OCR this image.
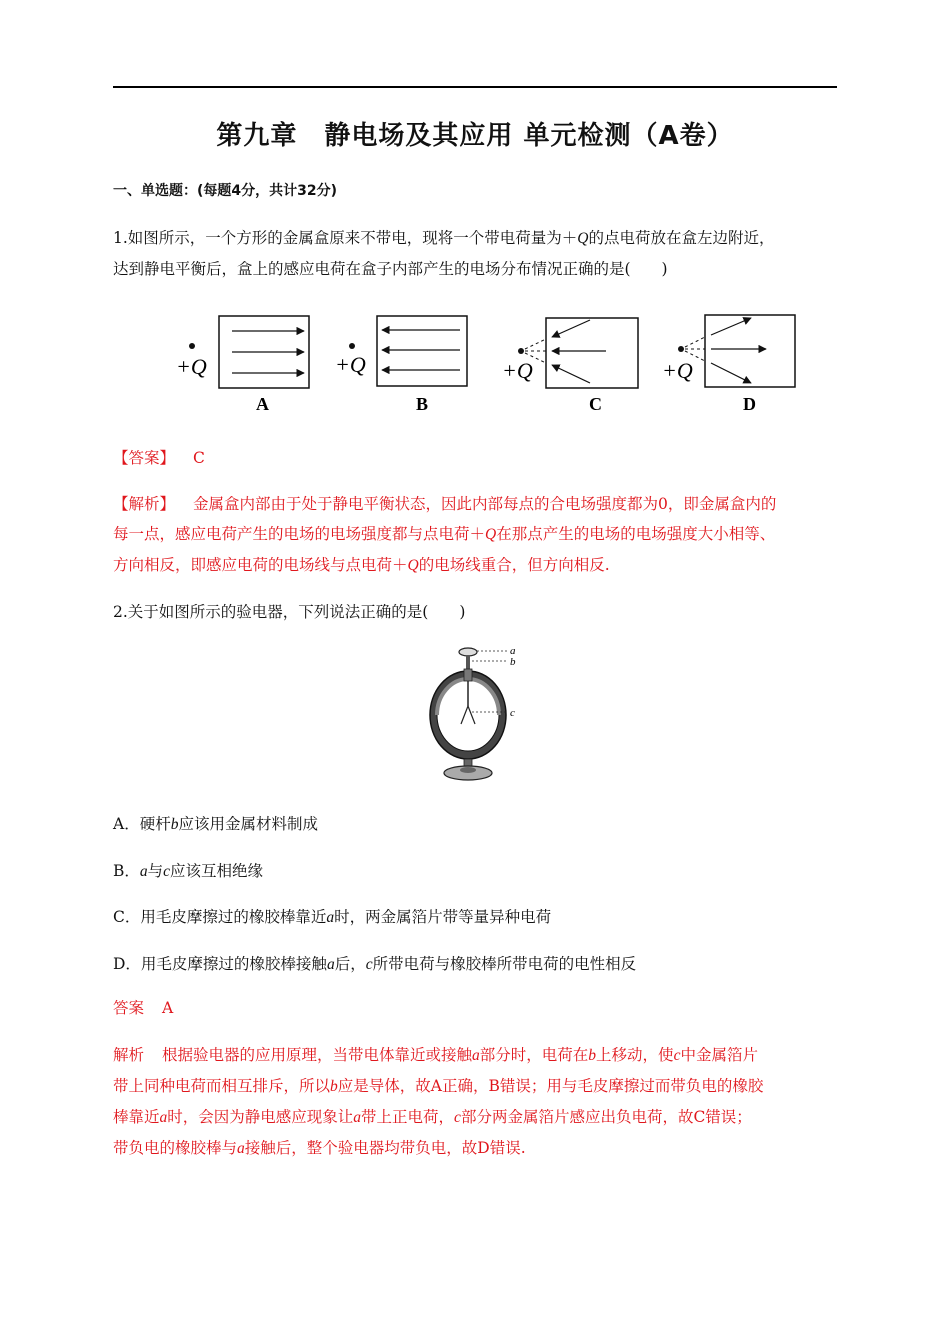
第九章　静电场及其应用 单元检测（A卷）
一、单选题：(每题4分，共计32分)
1.如图所示，一个方形的金属盒原来不带电，现将一个带电荷量为＋Q的点电荷放在盒左边附近，
达到静电平衡后，盒上的感应电荷在盒子内部产生的电场分布情况正确的是(　　)
+Q
A
+Q
B
+Q
C
+Q
D
【答案】 C
【解析】 金属盒内部由于处于静电平衡状态，因此内部每点的合电场强度都为0，即金属盒内的
每一点，感应电荷产生的电场的电场强度都与点电荷＋Q在那点产生的电场的电场强度大小相等、
方向相反，即感应电荷的电场线与点电荷＋Q的电场线重合，但方向相反.
2.关于如图所示的验电器，下列说法正确的是(　　)
a
b
c
A．硬杆b应该用金属材料制成
B．a与c应该互相绝缘
C．用毛皮摩擦过的橡胶棒靠近a时，两金属箔片带等量异种电荷
D．用毛皮摩擦过的橡胶棒接触a后，c所带电荷与橡胶棒所带电荷的电性相反
答案 A
解析 根据验电器的应用原理，当带电体靠近或接触a部分时，电荷在b上移动，使c中金属箔片
带上同种电荷而相互排斥，所以b应是导体，故A正确，B错误；用与毛皮摩擦过而带负电的橡胶
棒靠近a时，会因为静电感应现象让a带上正电荷，c部分两金属箔片感应出负电荷，故C错误；
带负电的橡胶棒与a接触后，整个验电器均带负电，故D错误.
